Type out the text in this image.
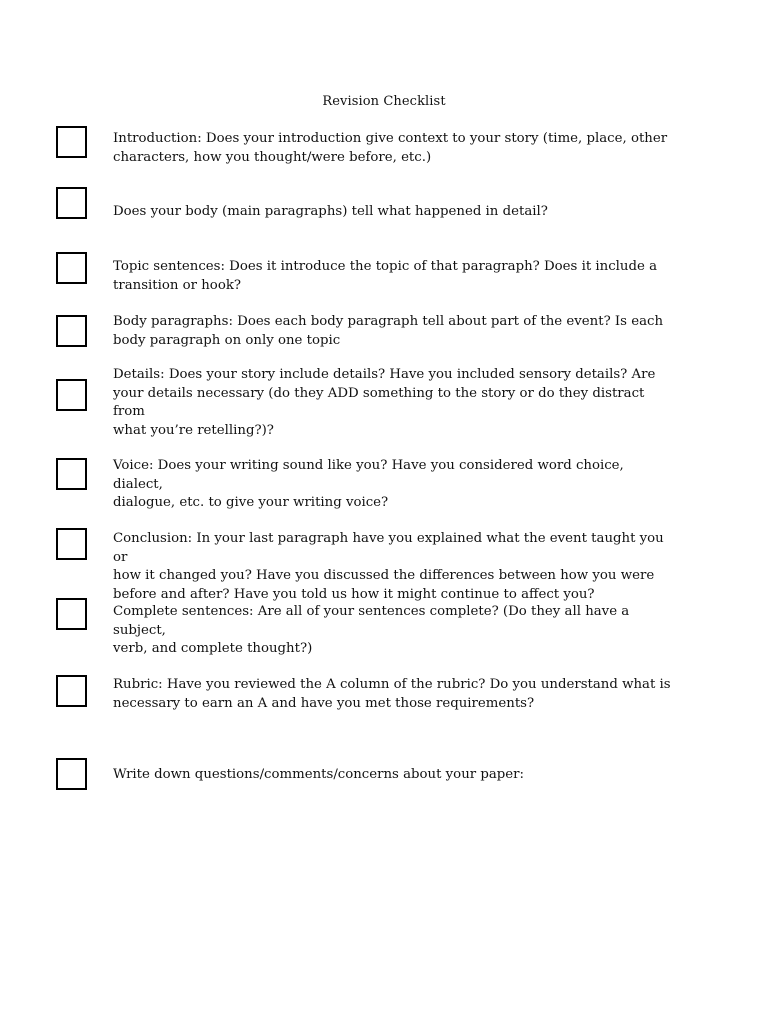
Revision Checklist
Introduction: Does your introduction give context to your story (time, place, other
characters, how you thought/were before, etc.)
Does your body (main paragraphs) tell what happened in detail?
Topic sentences: Does it introduce the topic of that paragraph? Does it include a
transition or hook?
Body paragraphs: Does each body paragraph tell about part of the event? Is each
body paragraph on only one topic
Details: Does your story include details? Have you included sensory details? Are
your details necessary (do they ADD something to the story or do they distract from
what you’re retelling?)?
Voice: Does your writing sound like you? Have you considered word choice, dialect,
dialogue, etc. to give your writing voice?
Conclusion: In your last paragraph have you explained what the event taught you or
how it changed you? Have you discussed the differences between how you were
before and after? Have you told us how it might continue to affect you?
Complete sentences: Are all of your sentences complete? (Do they all have a subject,
verb, and complete thought?)
Rubric: Have you reviewed the A column of the rubric? Do you understand what is
necessary to earn an A and have you met those requirements?
Write down questions/comments/concerns about your paper:
